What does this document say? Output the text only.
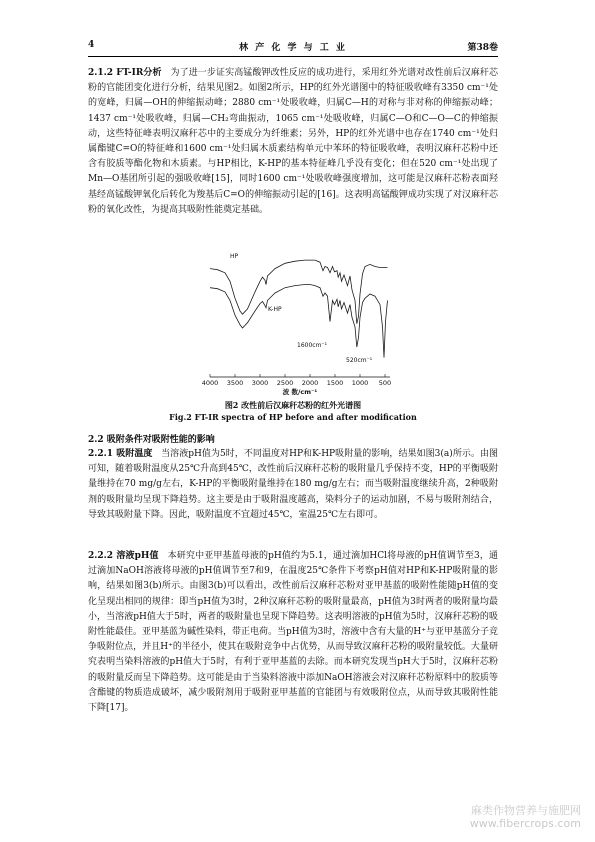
4	林 产 化 学 与 工 业	第38卷

2.1.2 FT-IR分析 为了进一步证实高锰酸钾改性反应的成功进行，采用红外光谱对改性前后汉麻秆芯粉的官能团变化进行分析，结果见图2。如图2所示，HP的红外光谱图中的特征吸收峰有3350 cm⁻¹处的宽峰，归属—OH的伸缩振动峰；2880 cm⁻¹处吸收峰，归属C—H的对称与非对称的伸缩振动峰；1437 cm⁻¹处吸收峰，归属—CH₂弯曲振动，1065 cm⁻¹处吸收峰，归属C—O和C—O—C的伸缩振动，这些特征峰表明汉麻秆芯中的主要成分为纤维素；另外，HP的红外光谱中也存在1740 cm⁻¹处归属酯键C=O的特征峰和1600 cm⁻¹处归属木质素结构单元中苯环的特征吸收峰，表明汉麻秆芯粉中还含有胶质等酯化物和木质素。与HP相比，K-HP的基本特征峰几乎没有变化；但在520 cm⁻¹处出现了Mn—O基团所引起的强吸收峰[15]，同时1600 cm⁻¹处吸收峰强度增加，这可能是汉麻秆芯粉表面羟基经高锰酸钾氧化后转化为羧基后C=O的伸缩振动引起的[16]。这表明高锰酸钾成功实现了对汉麻秆芯粉的氧化改性，为提高其吸附性能奠定基础。

4000 3500 3000 2500 2000 1500 1000 500
HP
K-HP
1600cm⁻¹
520cm⁻¹
波 数/cm⁻¹
图2 改性前后汉麻秆芯粉的红外光谱图
Fig.2 FT-IR spectra of HP before and after modification
2.2 吸附条件对吸附性能的影响

2.2.1 吸附温度 当溶液pH值为5时，不同温度对HP和K-HP吸附量的影响，结果如图3(a)所示。由图可知，随着吸附温度从25℃升高到45℃，改性前后汉麻秆芯粉的吸附量几乎保持不变，HP的平衡吸附量维持在70 mg/g左右，K-HP的平衡吸附量维持在180 mg/g左右；而当吸附温度继续升高，2种吸附剂的吸附量均呈现下降趋势。这主要是由于吸附温度越高，染料分子的运动加剧，不易与吸附剂结合，导致其吸附量下降。因此，吸附温度不宜超过45℃，室温25℃左右即可。

2.2.2 溶液pH值 本研究中亚甲基蓝母液的pH值约为5.1，通过滴加HCl将母液的pH值调节至3，通过滴加NaOH溶液将母液的pH值调节至7和9，在温度25℃条件下考察pH值对HP和K-HP吸附量的影响，结果如图3(b)所示。由图3(b)可以看出，改性前后汉麻秆芯粉对亚甲基蓝的吸附性能随pH值的变化呈现出相同的规律：即当pH值为3时，2种汉麻秆芯粉的吸附量最高，pH值为3时两者的吸附量均最小，当溶液pH值大于5时，两者的吸附量也呈现下降趋势。这表明溶液的pH值为5时，汉麻秆芯粉的吸附性能最佳。亚甲基蓝为碱性染料，带正电荷。当pH值为3时，溶液中含有大量的H⁺与亚甲基蓝分子竞争吸附位点，并且H⁺的半径小，使其在吸附竞争中占优势，从而导致汉麻秆芯粉的吸附量较低。大量研究表明当染料溶液的pH值大于5时，有利于亚甲基蓝的去除。而本研究发现当pH大于5时，汉麻秆芯粉的吸附量反而呈下降趋势。这可能是由于当染料溶液中添加NaOH溶液会对汉麻秆芯粉原料中的胶质等含酯键的物质造成破坏，减少吸附剂用于吸附亚甲基蓝的官能团与有效吸附位点，从而导致其吸附性能下降[17]。

麻类作物营养与施肥网
www.fibercrops.com
